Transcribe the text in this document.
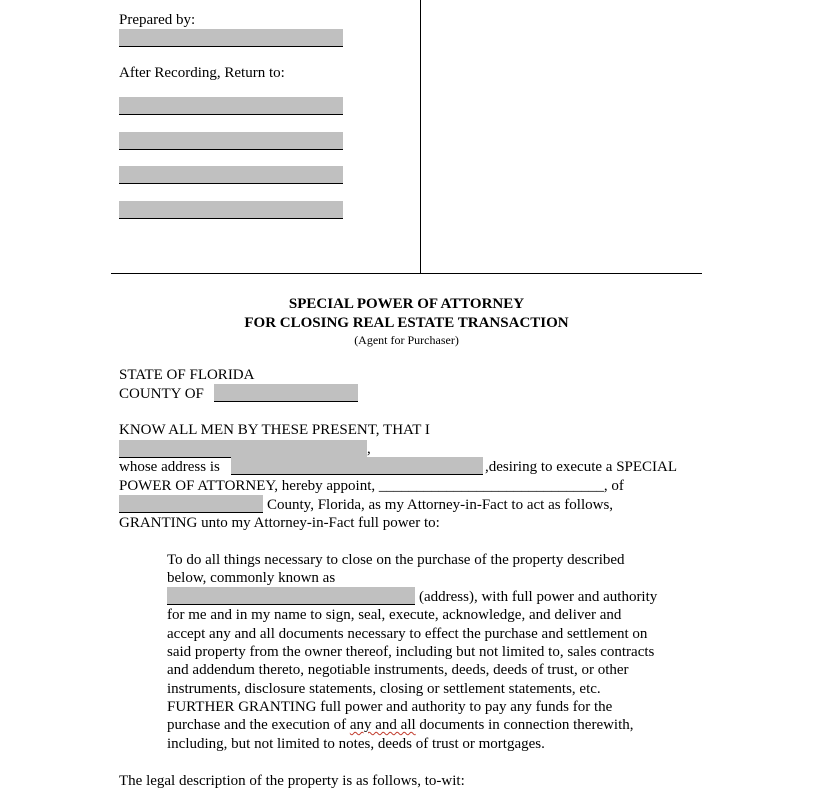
Prepared by:
After Recording, Return to:
SPECIAL POWER OF ATTORNEY
FOR CLOSING REAL ESTATE TRANSACTION
(Agent for Purchaser)
STATE OF FLORIDA
COUNTY OF
KNOW ALL MEN BY THESE PRESENT, THAT I
,
whose address is	,desiring to execute a SPECIAL
POWER OF ATTORNEY, hereby appoint, ______________________________, of
County, Florida, as my Attorney-in-Fact to act as follows,
GRANTING unto my Attorney-in-Fact full power to:
To do all things necessary to close on the purchase of the property described
below, commonly known as
(address), with full power and authority
for me and in my name to sign, seal, execute, acknowledge, and deliver and
accept any and all documents necessary to effect the purchase and settlement on
said property from the owner thereof, including but not limited to, sales contracts
and addendum thereto, negotiable instruments, deeds, deeds of trust, or other
instruments, disclosure statements, closing or settlement statements, etc.
FURTHER GRANTING full power and authority to pay any funds for the
purchase and the execution of any and all documents in connection therewith,
including, but not limited to notes, deeds of trust or mortgages.
The legal description of the property is as follows, to-wit:
